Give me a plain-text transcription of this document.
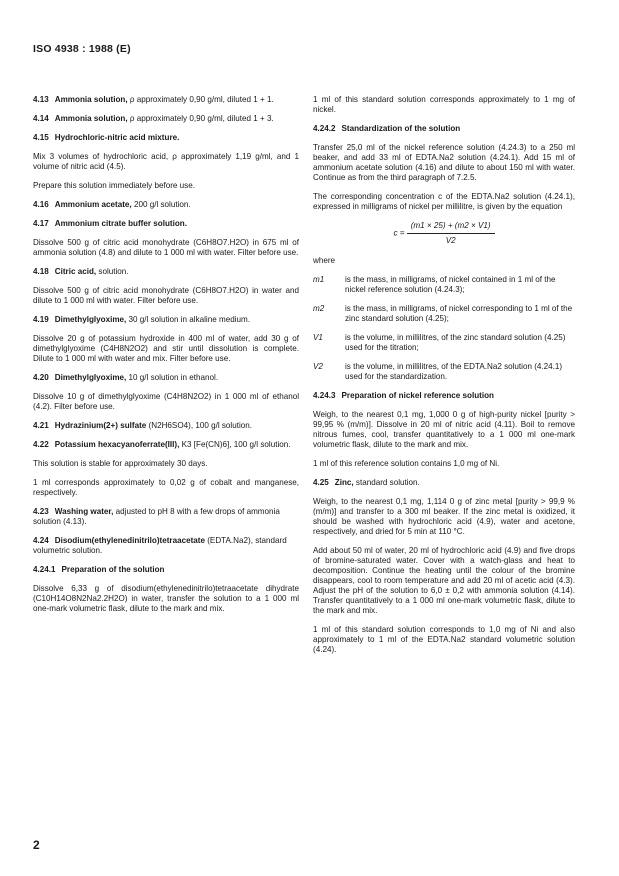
ISO 4938 : 1988 (E)
4.13 Ammonia solution, ρ approximately 0,90 g/ml, diluted 1 + 1.
4.14 Ammonia solution, ρ approximately 0,90 g/ml, diluted 1 + 3.
4.15 Hydrochloric-nitric acid mixture.
Mix 3 volumes of hydrochloric acid, ρ approximately 1,19 g/ml, and 1 volume of nitric acid (4.5).
Prepare this solution immediately before use.
4.16 Ammonium acetate, 200 g/l solution.
4.17 Ammonium citrate buffer solution.
Dissolve 500 g of citric acid monohydrate (C6H8O7.H2O) in 675 ml of ammonia solution (4.8) and dilute to 1 000 ml with water. Filter before use.
4.18 Citric acid, solution.
Dissolve 500 g of citric acid monohydrate (C6H8O7.H2O) in water and dilute to 1 000 ml with water. Filter before use.
4.19 Dimethylglyoxime, 30 g/l solution in alkaline medium.
Dissolve 20 g of potassium hydroxide in 400 ml of water, add 30 g of dimethylglyoxime (C4H8N2O2) and stir until dissolution is complete. Dilute to 1 000 ml with water and mix. Filter before use.
4.20 Dimethylglyoxime, 10 g/l solution in ethanol.
Dissolve 10 g of dimethylglyoxime (C4H8N2O2) in 1 000 ml of ethanol (4.2). Filter before use.
4.21 Hydrazinium(2+) sulfate (N2H6SO4), 100 g/l solution.
4.22 Potassium hexacyanoferrate(III), K3 [Fe(CN)6], 100 g/l solution.
This solution is stable for approximately 30 days.
1 ml corresponds approximately to 0,02 g of cobalt and manganese, respectively.
4.23 Washing water, adjusted to pH 8 with a few drops of ammonia solution (4.13).
4.24 Disodium(ethylenedinitrilo)tetraacetate (EDTA.Na2), standard volumetric solution.
4.24.1 Preparation of the solution
Dissolve 6,33 g of disodium(ethylenedinitrilo)tetraacetate dihydrate (C10H14O8N2Na2.2H2O) in water, transfer the solution to a 1 000 ml one-mark volumetric flask, dilute to the mark and mix.
1 ml of this standard solution corresponds approximately to 1 mg of nickel.
4.24.2 Standardization of the solution
Transfer 25,0 ml of the nickel reference solution (4.24.3) to a 250 ml beaker, and add 33 ml of EDTA.Na2 solution (4.24.1). Add 15 ml of ammonium acetate solution (4.16) and dilute to about 150 ml with water. Continue as from the third paragraph of 7.2.5.
The corresponding concentration c of the EDTA.Na2 solution (4.24.1), expressed in milligrams of nickel per millilitre, is given by the equation
$c = \frac{(m1 \times 25) + (m2 \times V1)}{V2}$
where
m1	is the mass, in milligrams, of nickel contained in 1 ml of the nickel reference solution (4.24.3);
m2	is the mass, in milligrams, of nickel corresponding to 1 ml of the zinc standard solution (4.25);
V1	is the volume, in millilitres, of the zinc standard solution (4.25) used for the titration;
V2	is the volume, in millilitres, of the EDTA.Na2 solution (4.24.1) used for the standardization.
4.24.3 Preparation of nickel reference solution
Weigh, to the nearest 0,1 mg, 1,000 0 g of high-purity nickel [purity > 99,95 % (m/m)]. Dissolve in 20 ml of nitric acid (4.11). Boil to remove nitrous fumes, cool, transfer quantitatively to a 1 000 ml one-mark volumetric flask, dilute to the mark and mix.
1 ml of this reference solution contains 1,0 mg of Ni.
4.25 Zinc, standard solution.
Weigh, to the nearest 0,1 mg, 1,114 0 g of zinc metal [purity > 99,9 % (m/m)] and transfer to a 300 ml beaker. If the zinc metal is oxidized, it should be washed with hydrochloric acid (4.9), water and acetone, respectively, and dried for 5 min at 110 °C.
Add about 50 ml of water, 20 ml of hydrochloric acid (4.9) and five drops of bromine-saturated water. Cover with a watch-glass and heat to decomposition. Continue the heating until the colour of the bromine disappears, cool to room temperature and add 20 ml of acetic acid (4.3). Adjust the pH of the solution to 6,0 ± 0,2 with ammonia solution (4.14). Transfer quantitatively to a 1 000 ml one-mark volumetric flask, dilute to the mark and mix.
1 ml of this standard solution corresponds to 1,0 mg of Ni and also approximately to 1 ml of the EDTA.Na2 standard volumetric solution (4.24).
2
